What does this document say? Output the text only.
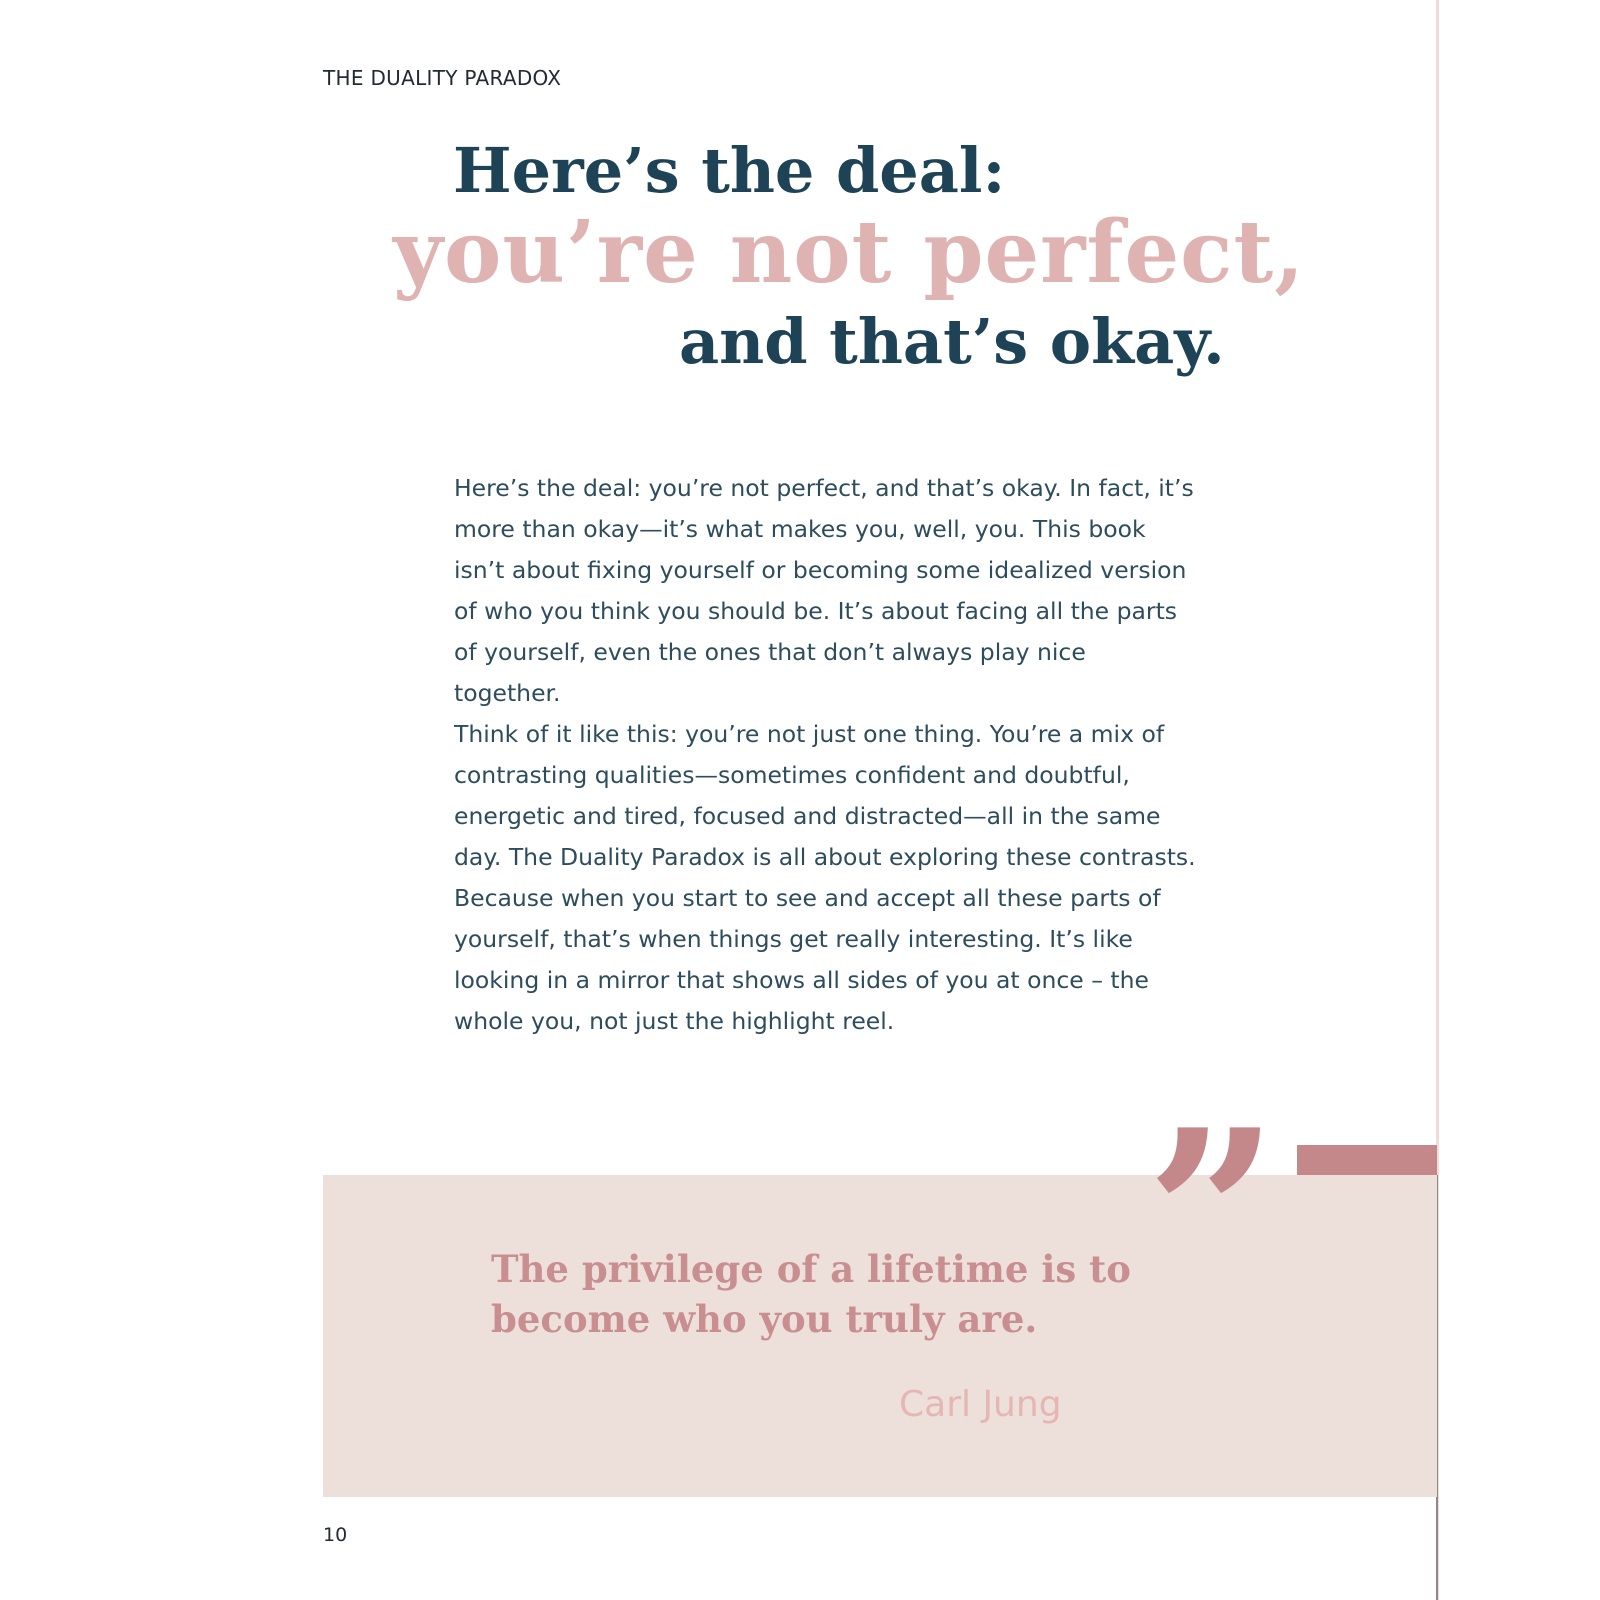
THE DUALITY PARADOX
Here’s the deal:
you’re not perfect,
and that’s okay.

Here’s the deal: you’re not perfect, and that’s okay. In fact, it’s more than okay—it’s what makes you, well, you. This book isn’t about fixing yourself or becoming some idealized version of who you think you should be. It’s about facing all the parts of yourself, even the ones that don’t always play nice together.

Think of it like this: you’re not just one thing. You’re a mix of contrasting qualities—sometimes confident and doubtful, energetic and tired, focused and distracted—all in the same day. The Duality Paradox is all about exploring these contrasts. Because when you start to see and accept all these parts of yourself, that’s when things get really interesting. It’s like looking in a mirror that shows all sides of you at once – the whole you, not just the highlight reel.

”

The privilege of a lifetime is to become who you truly are.

Carl Jung
10
